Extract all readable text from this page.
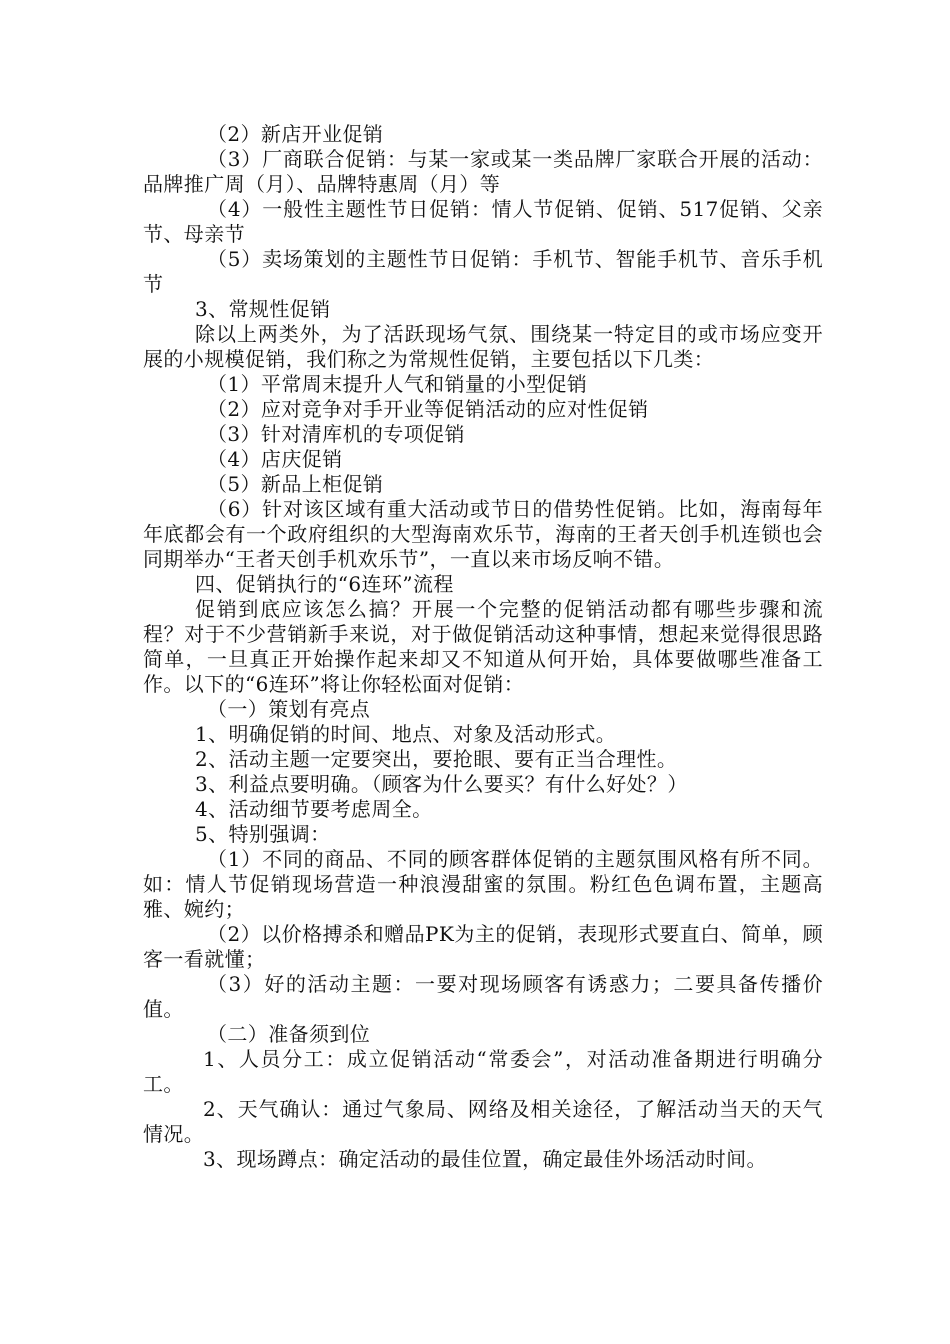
（2）新店开业促销

（3）厂商联合促销：与某一家或某一类品牌厂家联合开展的活动：品牌推广周（月）、品牌特惠周（月）等

（4）一般性主题性节日促销：情人节促销、促销、517促销、父亲节、母亲节

（5）卖场策划的主题性节日促销：手机节、智能手机节、音乐手机节

3、常规性促销

除以上两类外，为了活跃现场气氛、围绕某一特定目的或市场应变开展的小规模促销，我们称之为常规性促销，主要包括以下几类：

（1）平常周末提升人气和销量的小型促销

（2）应对竞争对手开业等促销活动的应对性促销

（3）针对清库机的专项促销

（4）店庆促销

（5）新品上柜促销

（6）针对该区域有重大活动或节日的借势性促销。比如，海南每年年底都会有一个政府组织的大型海南欢乐节，海南的王者天创手机连锁也会同期举办“王者天创手机欢乐节”，一直以来市场反响不错。

四、促销执行的“6连环”流程

促销到底应该怎么搞？开展一个完整的促销活动都有哪些步骤和流程？对于不少营销新手来说，对于做促销活动这种事情，想起来觉得很思路简单，一旦真正开始操作起来却又不知道从何开始，具体要做哪些准备工作。以下的“6连环”将让你轻松面对促销：

（一）策划有亮点

1、明确促销的时间、地点、对象及活动形式。

2、活动主题一定要突出，要抢眼、要有正当合理性。

3、利益点要明确。（顾客为什么要买？有什么好处？）

4、活动细节要考虑周全。

5、特别强调：

（1）不同的商品、不同的顾客群体促销的主题氛围风格有所不同。如：情人节促销现场营造一种浪漫甜蜜的氛围。粉红色色调布置，主题高雅、婉约；

（2）以价格搏杀和赠品PK为主的促销，表现形式要直白、简单，顾客一看就懂；

（3）好的活动主题：一要对现场顾客有诱惑力；二要具备传播价值。

（二）准备须到位

1、人员分工：成立促销活动“常委会”，对活动准备期进行明确分工。

2、天气确认：通过气象局、网络及相关途径，了解活动当天的天气情况。

3、现场蹲点：确定活动的最佳位置，确定最佳外场活动时间。
